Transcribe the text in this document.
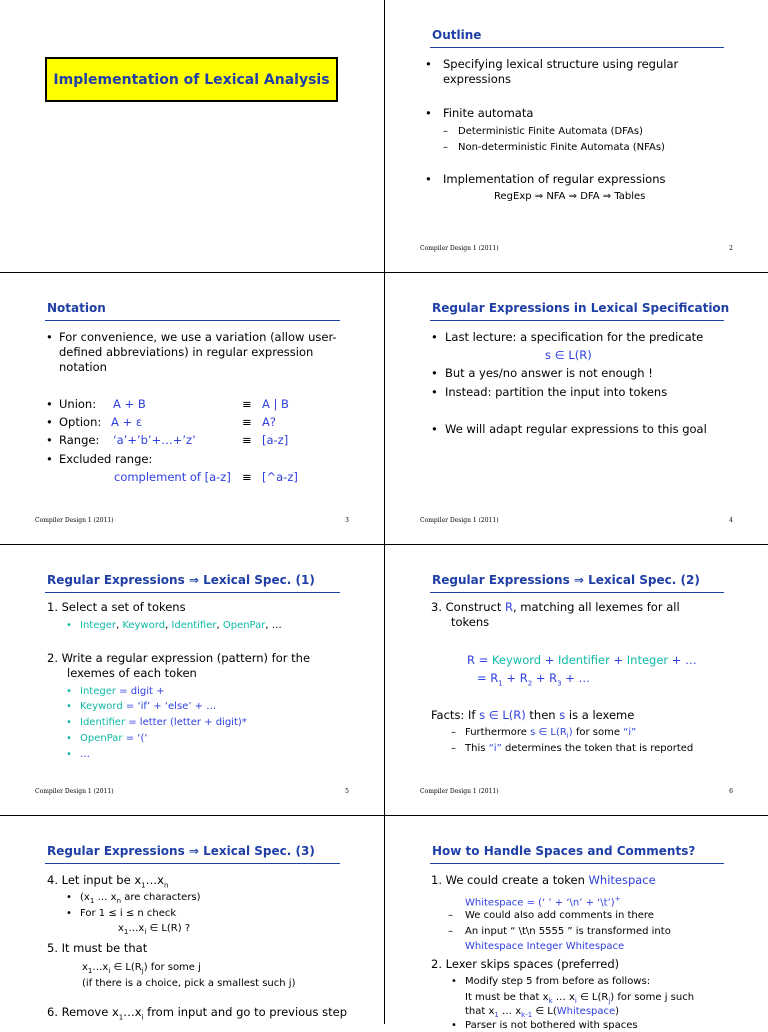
Implementation of Lexical Analysis
Outline
• Specifying lexical structure using regular
expressions
• Finite automata
– Deterministic Finite Automata (DFAs)
– Non-deterministic Finite Automata (NFAs)
• Implementation of regular expressions
RegExp ⇒ NFA ⇒ DFA ⇒ Tables
Compiler Design 1 (2011)	2
Notation
• For convenience, we use a variation (allow user-
defined abbreviations) in regular expression
notation
• Union: A + B	≡ A | B
• Option: A + ε	≡ A?
• Range: ‘a’+’b’+…+’z’	≡ [a-z]
• Excluded range:
complement of [a-z] ≡ [^a-z]
Compiler Design 1 (2011)	3
Regular Expressions in Lexical Specification
• Last lecture: a specification for the predicate
s ∈ L(R)
• But a yes/no answer is not enough !
• Instead: partition the input into tokens
• We will adapt regular expressions to this goal
Compiler Design 1 (2011)	4
Regular Expressions ⇒ Lexical Spec. (1)
1. Select a set of tokens
• Integer, Keyword, Identifier, OpenPar, …
2. Write a regular expression (pattern) for the
lexemes of each token
• Integer = digit +
• Keyword = ‘if’ + ‘else’ + …
• Identifier = letter (letter + digit)*
• OpenPar = ‘(‘
• …
Compiler Design 1 (2011)	5
Regular Expressions ⇒ Lexical Spec. (2)
3. Construct R, matching all lexemes for all
tokens
R = Keyword + Identifier + Integer + …
= $R_1 + R_2 + R_3$ + …
Facts: If s ∈ L(R) then s is a lexeme
– Furthermore s ∈ $L(R_i)$ for some “i”
– This “i” determines the token that is reported
Compiler Design 1 (2011)	6
Regular Expressions ⇒ Lexical Spec. (3)
4. Let input be $x_1\dots x_n$
• ($x_1$ … $x_n$ are characters)
• For 1 ≤ i ≤ n check
$x_1\dots x_i$ ∈ L(R) ?
5. It must be that
$x_1\dots x_i$ ∈ $L(R_j)$ for some j
(if there is a choice, pick a smallest such j)
6. Remove $x_1\dots x_i$ from input and go to previous step
How to Handle Spaces and Comments?
1. We could create a token Whitespace
Whitespace = (‘ ’ + ‘\n’ + ‘\t’)+
– We could also add comments in there
– An input “ \t\n 5555 ” is transformed into
Whitespace Integer Whitespace
2. Lexer skips spaces (preferred)
• Modify step 5 from before as follows:
It must be that $x_k$ … $x_i$ ∈ $L(R_j)$ for some j such
that $x_1$ … $x_{k-1}$ ∈ L(Whitespace)
• Parser is not bothered with spaces
